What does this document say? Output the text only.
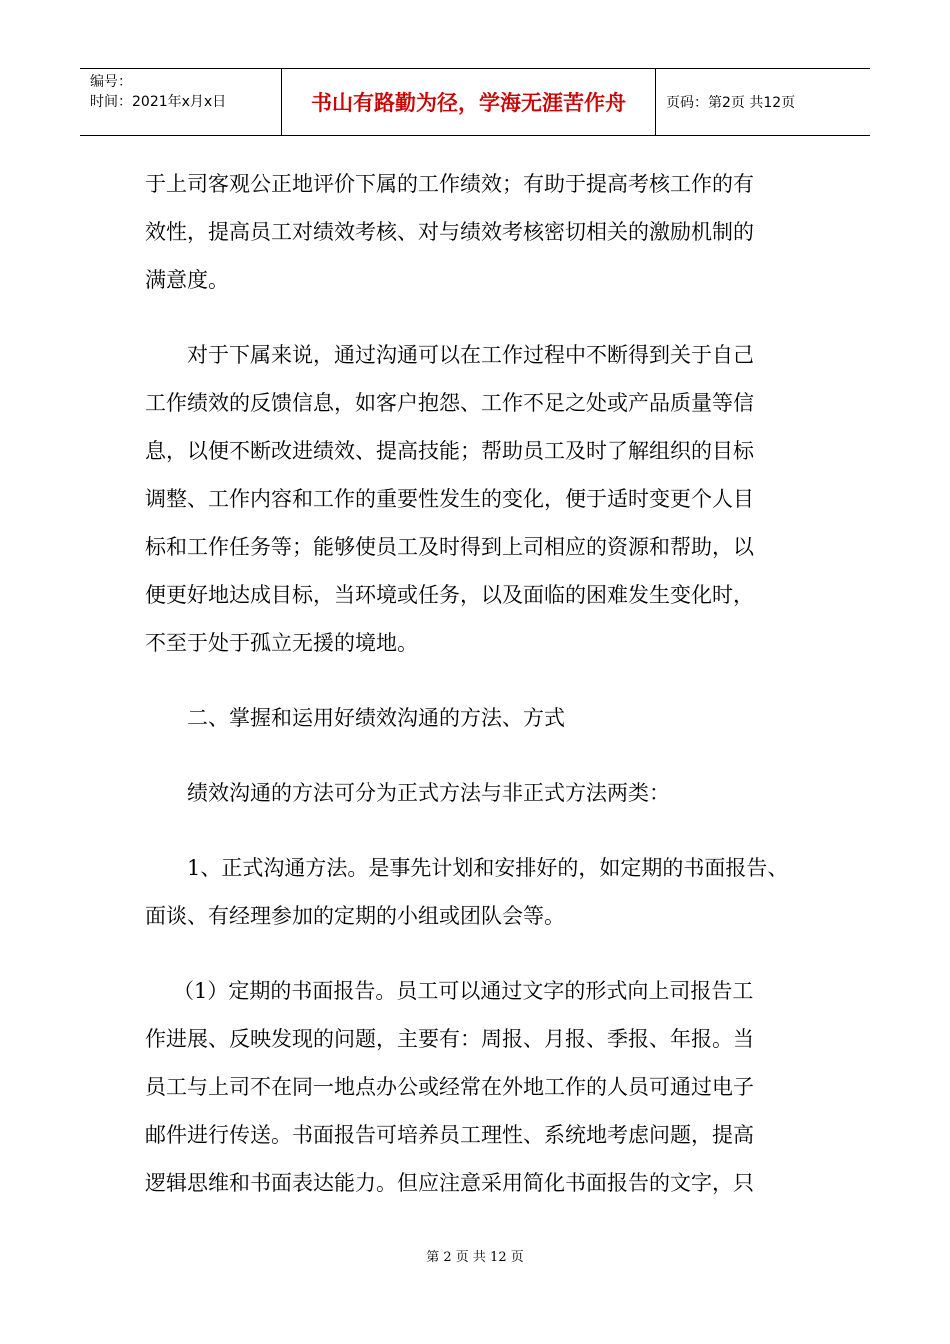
编号：
时间：2021年x月x日	书山有路勤为径，学海无涯苦作舟	页码：第2页 共12页
于上司客观公正地评价下属的工作绩效；有助于提高考核工作的有
效性，提高员工对绩效考核、对与绩效考核密切相关的激励机制的
满意度。
对于下属来说，通过沟通可以在工作过程中不断得到关于自己
工作绩效的反馈信息，如客户抱怨、工作不足之处或产品质量等信
息，以便不断改进绩效、提高技能；帮助员工及时了解组织的目标
调整、工作内容和工作的重要性发生的变化，便于适时变更个人目
标和工作任务等；能够使员工及时得到上司相应的资源和帮助，以
便更好地达成目标，当环境或任务，以及面临的困难发生变化时，
不至于处于孤立无援的境地。
二、掌握和运用好绩效沟通的方法、方式
绩效沟通的方法可分为正式方法与非正式方法两类：
1、正式沟通方法。是事先计划和安排好的，如定期的书面报告、
面谈、有经理参加的定期的小组或团队会等。
（1）定期的书面报告。员工可以通过文字的形式向上司报告工
作进展、反映发现的问题，主要有：周报、月报、季报、年报。当
员工与上司不在同一地点办公或经常在外地工作的人员可通过电子
邮件进行传送。书面报告可培养员工理性、系统地考虑问题，提高
逻辑思维和书面表达能力。但应注意采用简化书面报告的文字，只
第 2 页 共 12 页
